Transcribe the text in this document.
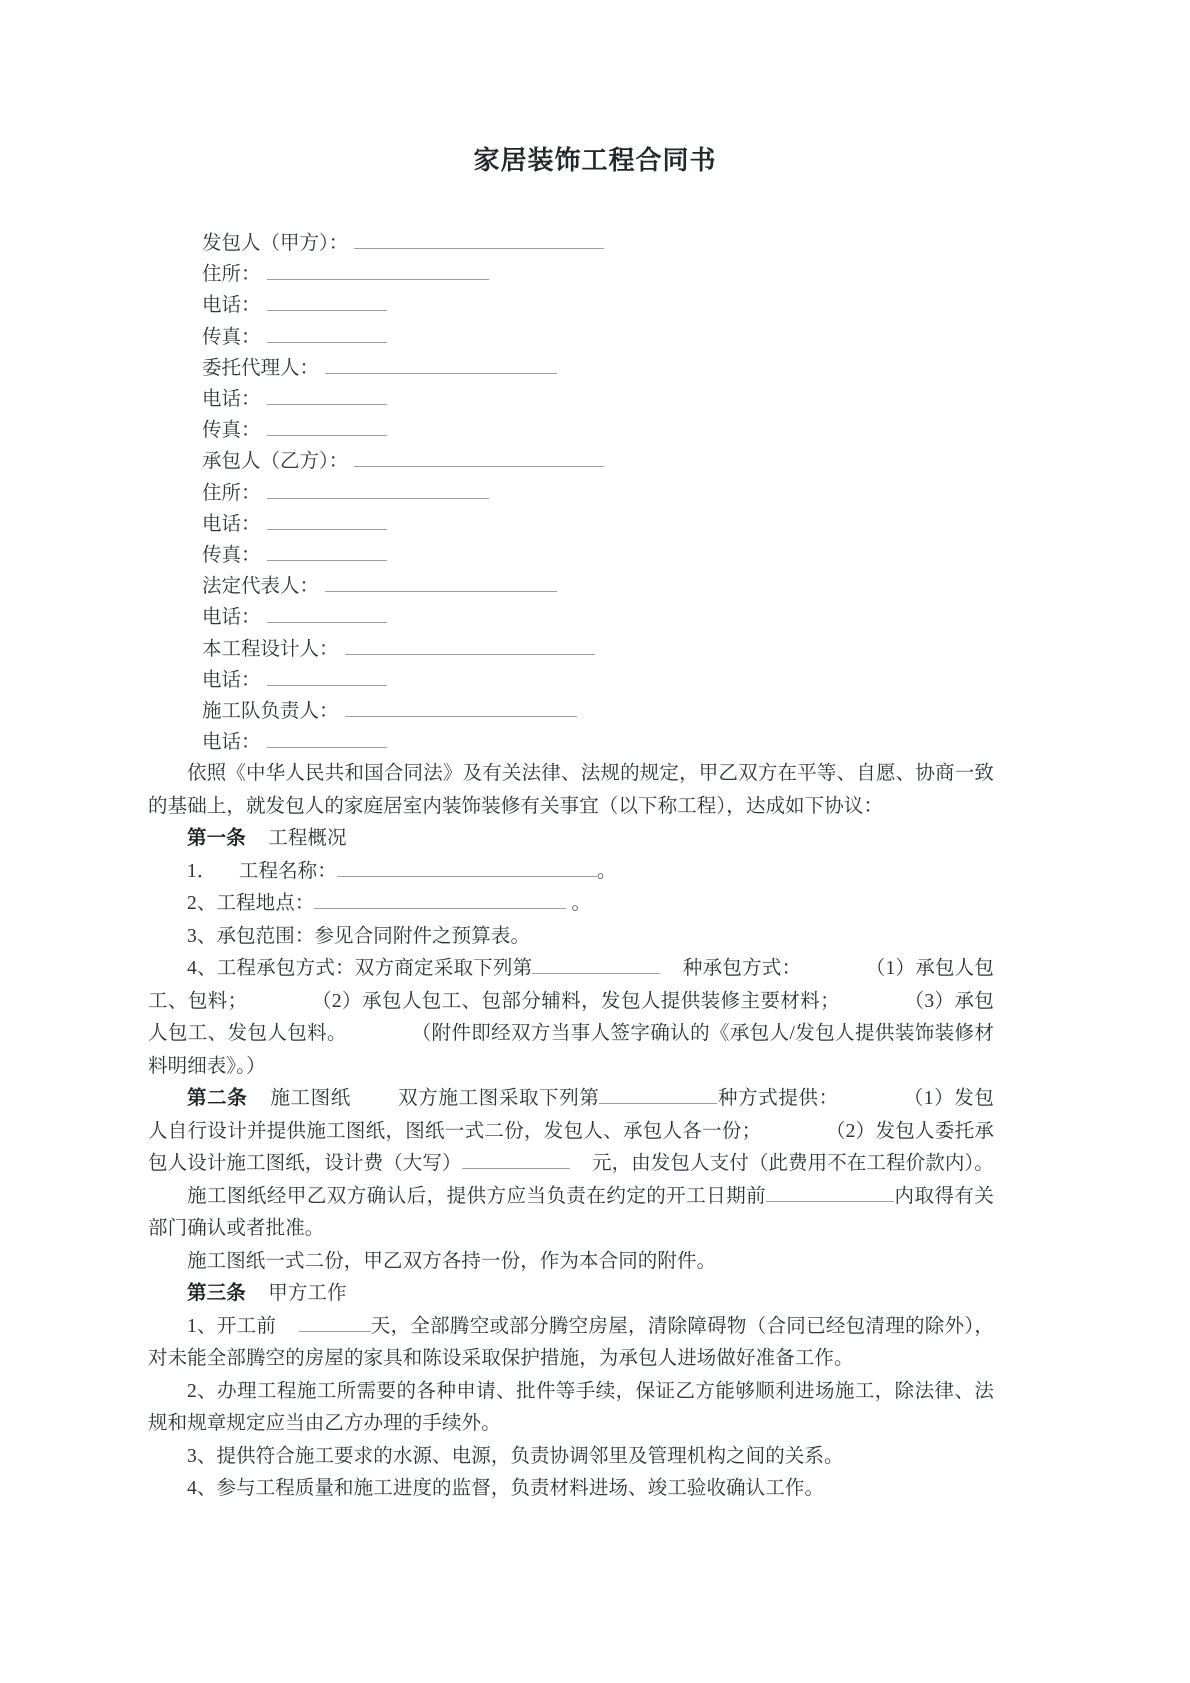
家居装饰工程合同书
发包人（甲方）：
住所：
电话：
传真：
委托代理人：
电话：
传真：
承包人（乙方）：
住所：
电话：
传真：
法定代表人：
电话：
本工程设计人：
电话：
施工队负责人：
电话：

依照《中华人民共和国合同法》及有关法律、法规的规定，甲乙双方在平等、自愿、协商一致的基础上，就发包人的家庭居室内装饰装修有关事宜（以下称工程），达成如下协议：

第一条 工程概况

1． 工程名称：	。

2、工程地点：	。

3、承包范围：参见合同附件之预算表。

4、工程承包方式：双方商定采取下列第	种承包方式：	（1）承包人包工、包料；	（2）承包人包工、包部分辅料，发包人提供装修主要材料；	（3）承包人包工、发包人包料。	（附件即经双方当事人签字确认的《承包人/发包人提供装饰装修材料明细表》。）

第二条 施工图纸 双方施工图采取下列第	种方式提供：	（1）发包人自行设计并提供施工图纸，图纸一式二份，发包人、承包人各一份；	（2）发包人委托承包人设计施工图纸，设计费（大写）	元，由发包人支付（此费用不在工程价款内）。

施工图纸经甲乙双方确认后，提供方应当负责在约定的开工日期前	内取得有关部门确认或者批准。

施工图纸一式二份，甲乙双方各持一份，作为本合同的附件。

第三条 甲方工作

1、开工前	天，全部腾空或部分腾空房屋，清除障碍物（合同已经包清理的除外），对未能全部腾空的房屋的家具和陈设采取保护措施，为承包人进场做好准备工作。

2、办理工程施工所需要的各种申请、批件等手续，保证乙方能够顺利进场施工，除法律、法规和规章规定应当由乙方办理的手续外。

3、提供符合施工要求的水源、电源，负责协调邻里及管理机构之间的关系。

4、参与工程质量和施工进度的监督，负责材料进场、竣工验收确认工作。
